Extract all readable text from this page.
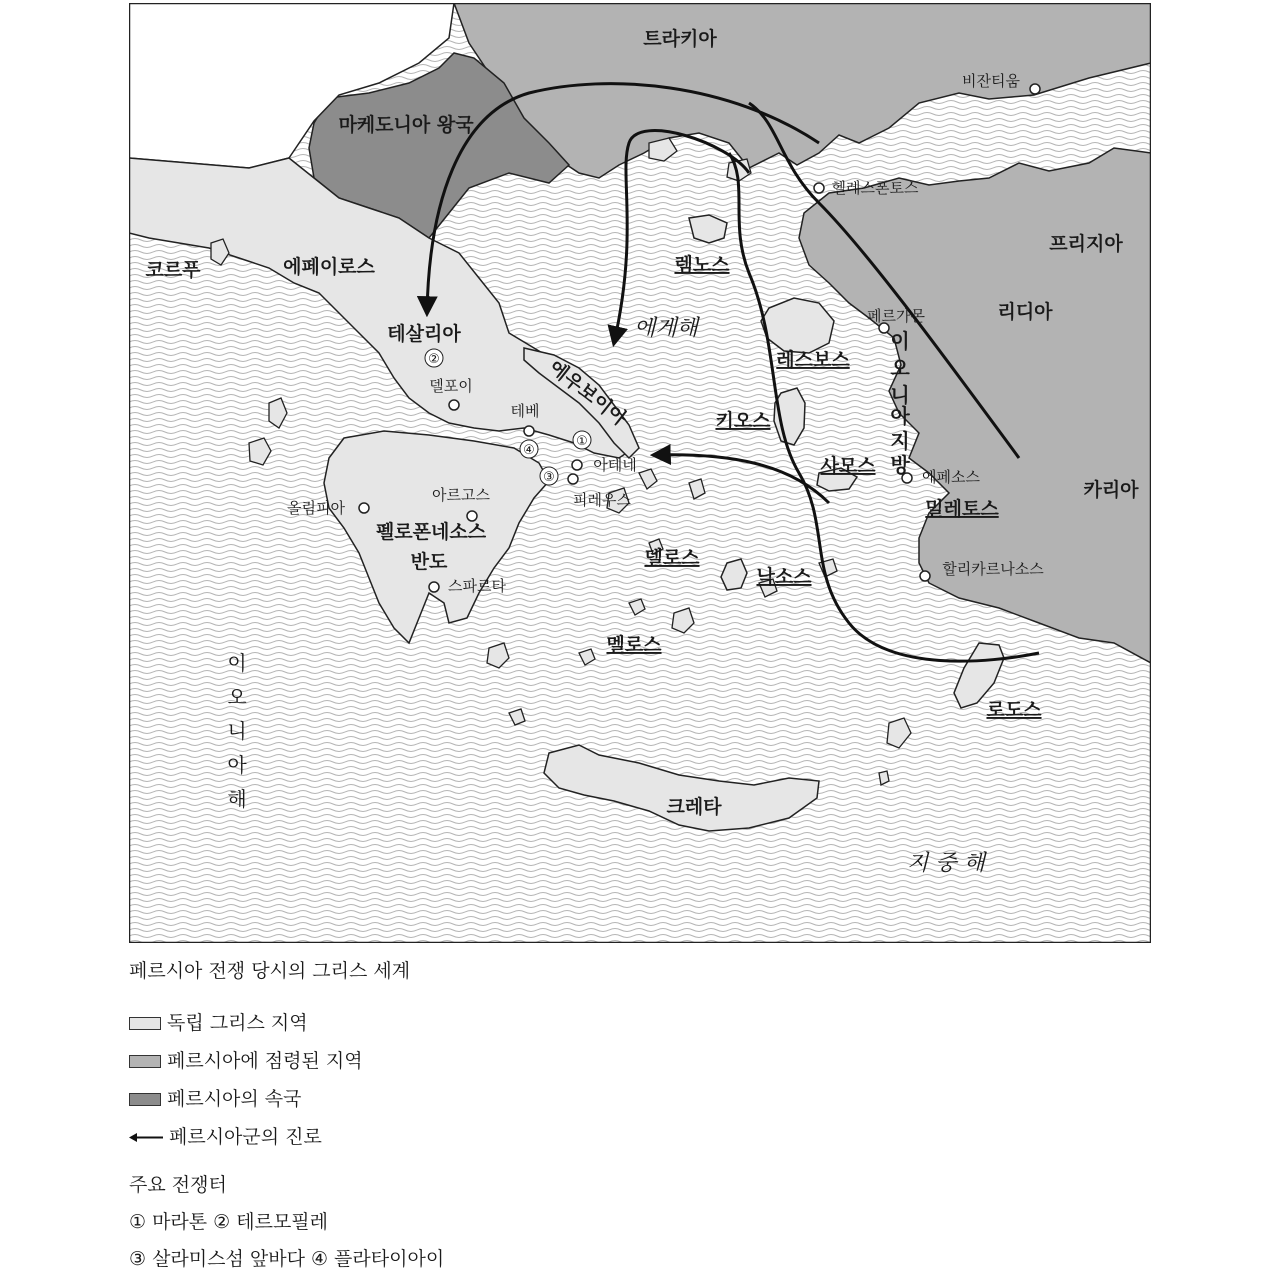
①
②
③
④
트라키아
비잔티움
마케도니아 왕국
헬레스폰토스
프리지아
코르푸	에페이로스	렘노스
페르가몬	리디아
테살리아	에게해
레스보스
에우보이아
델포이
테베	키오스
아테네	사모스	에페소스
카리아
올림피아
아르고스	피레우스	밀레토스
펠로폰네소스
반도
스파르타
델로스
낙소스	할리카르나소스
멜로스
로도스
크레타
지 중 해
이
오
니
아
해
이
오
니
아
지
방
페르시아 전쟁 당시의 그리스 세계
독립 그리스 지역
페르시아에 점령된 지역
페르시아의 속국
페르시아군의 진로
주요 전쟁터
① 마라톤 ② 테르모필레
③ 살라미스섬 앞바다 ④ 플라타이아이
